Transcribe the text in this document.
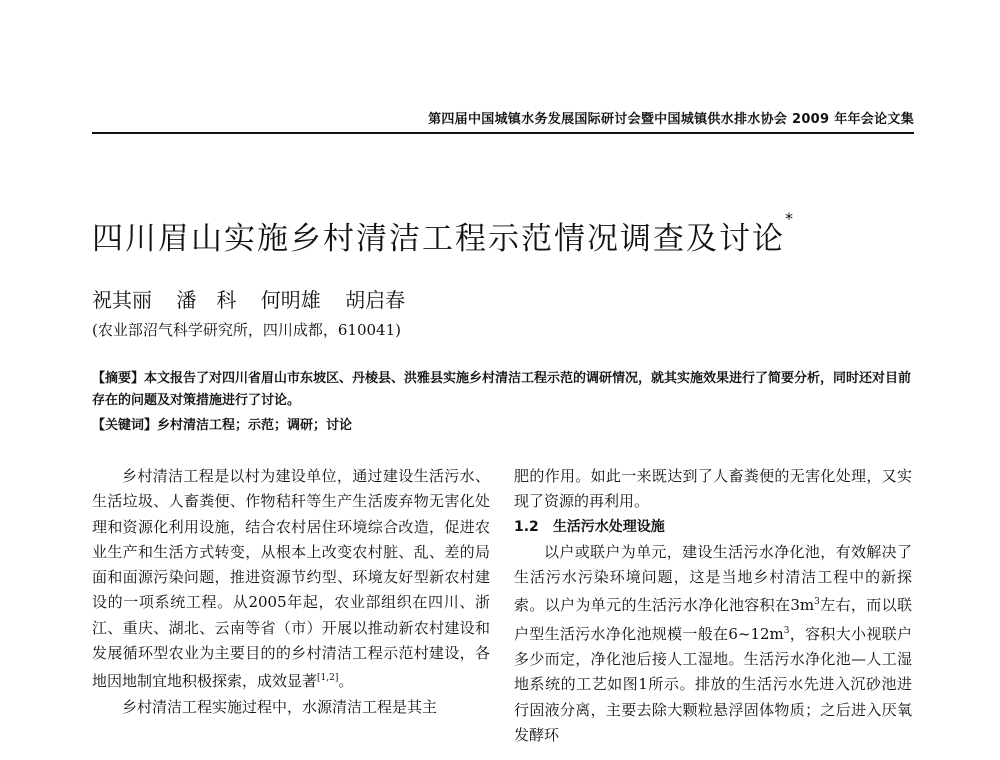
第四届中国城镇水务发展国际研讨会暨中国城镇供水排水协会 2009 年年会论文集
四川眉山实施乡村清洁工程示范情况调查及讨论*
祝其丽 潘　科 何明雄 胡启春
(农业部沼气科学研究所，四川成都，610041)
【摘要】本文报告了对四川省眉山市东坡区、丹棱县、洪雅县实施乡村清洁工程示范的调研情况，就其实施效果进行了简要分析，同时还对目前存在的问题及对策措施进行了讨论。
【关键词】乡村清洁工程；示范；调研；讨论

乡村清洁工程是以村为建设单位，通过建设生活污水、生活垃圾、人畜粪便、作物秸秆等生产生活废弃物无害化处理和资源化利用设施，结合农村居住环境综合改造，促进农业生产和生活方式转变，从根本上改变农村脏、乱、差的局面和面源污染问题，推进资源节约型、环境友好型新农村建设的一项系统工程。从2005年起，农业部组织在四川、浙江、重庆、湖北、云南等省（市）开展以推动新农村建设和发展循环型农业为主要目的的乡村清洁工程示范村建设，各地因地制宜地积极探索，成效显著[1,2]。

乡村清洁工程实施过程中，水源清洁工程是其主

肥的作用。如此一来既达到了人畜粪便的无害化处理，又实现了资源的再利用。

1.2　 生活污水处理设施

以户或联户为单元，建设生活污水净化池，有效解决了生活污水污染环境问题，这是当地乡村清洁工程中的新探索。以户为单元的生活污水净化池容积在$3m^3$左右，而以联户型生活污水净化池规模一般在$6\sim 12m^3$，容积大小视联户多少而定，净化池后接人工湿地。生活污水净化池—人工湿地系统的工艺如图1所示。排放的生活污水先进入沉砂池进行固液分离，主要去除大颗粒悬浮固体物质；之后进入厌氧发酵环
